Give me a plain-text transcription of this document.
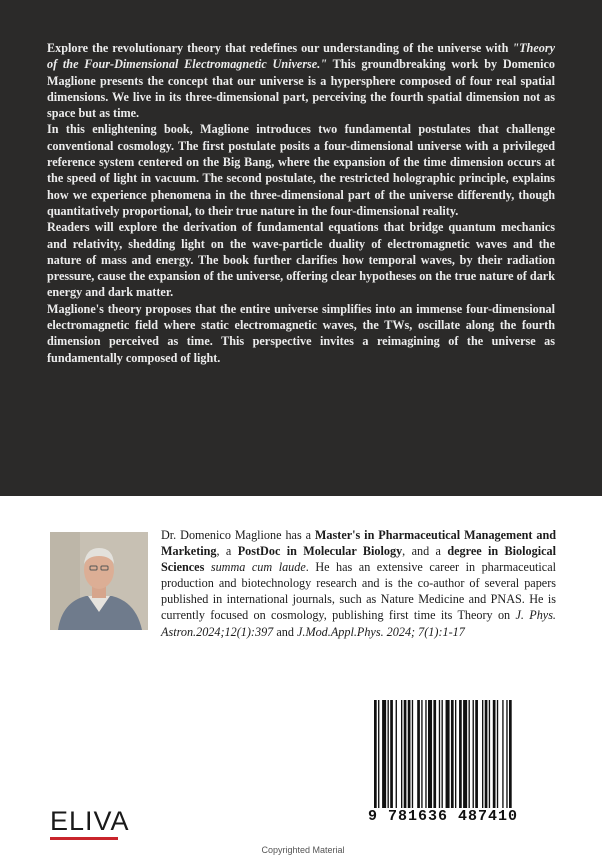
Explore the revolutionary theory that redefines our understanding of the universe with "Theory of the Four-Dimensional Electromagnetic Universe." This groundbreaking work by Domenico Maglione presents the concept that our universe is a hypersphere composed of four real spatial dimensions. We live in its three-dimensional part, perceiving the fourth spatial dimension not as space but as time.

In this enlightening book, Maglione introduces two fundamental postulates that challenge conventional cosmology. The first postulate posits a four-dimensional universe with a privileged reference system centered on the Big Bang, where the expansion of the time dimension occurs at the speed of light in vacuum. The second postulate, the restricted holographic principle, explains how we experience phenomena in the three-dimensional part of the universe differently, though quantitatively proportional, to their true nature in the four-dimensional reality.

Readers will explore the derivation of fundamental equations that bridge quantum mechanics and relativity, shedding light on the wave-particle duality of electromagnetic waves and the nature of mass and energy. The book further clarifies how temporal waves, by their radiation pressure, cause the expansion of the universe, offering clear hypotheses on the true nature of dark energy and dark matter.

Maglione's theory proposes that the entire universe simplifies into an immense four-dimensional electromagnetic field where static electromagnetic waves, the TWs, oscillate along the fourth dimension perceived as time. This perspective invites a reimagining of the universe as fundamentally composed of light.

Dr. Domenico Maglione has a Master's in Pharmaceutical Management and Marketing, a PostDoc in Molecular Biology, and a degree in Biological Sciences summa cum laude. He has an extensive career in pharmaceutical production and biotechnology research and is the co-author of several papers published in international journals, such as Nature Medicine and PNAS. He is currently focused on cosmology, publishing first time its Theory on J. Phys. Astron.2024;12(1):397 and J.Mod.Appl.Phys. 2024; 7(1):1-17

9 781636 487410
ELIVA
Copyrighted Material
